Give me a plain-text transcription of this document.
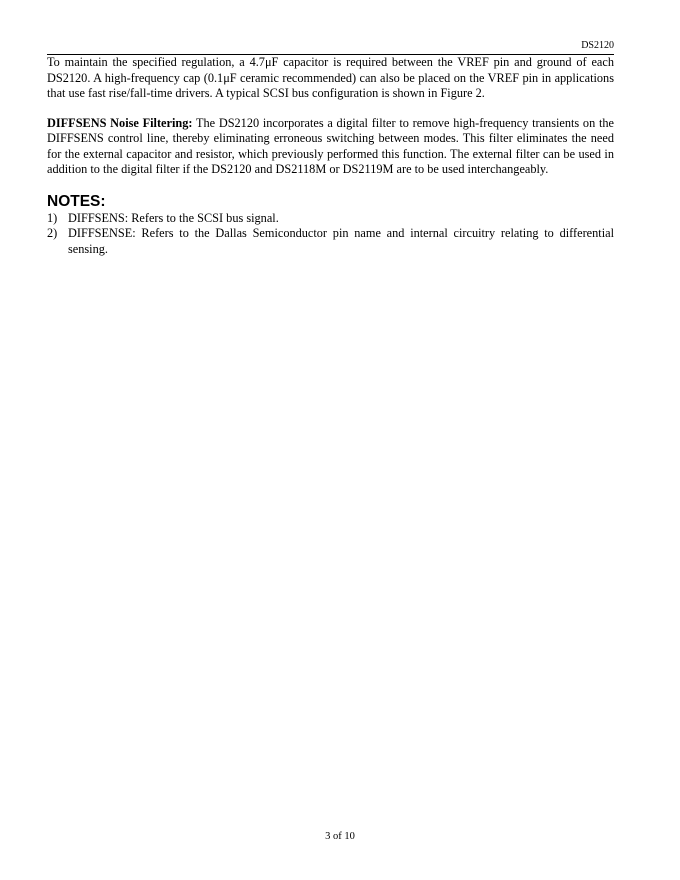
DS2120

To maintain the specified regulation, a 4.7μF capacitor is required between the VREF pin and ground of each DS2120. A high-frequency cap (0.1μF ceramic recommended) can also be placed on the VREF pin in applications that use fast rise/fall-time drivers. A typical SCSI bus configuration is shown in Figure 2.

DIFFSENS Noise Filtering: The DS2120 incorporates a digital filter to remove high-frequency transients on the DIFFSENS control line, thereby eliminating erroneous switching between modes. This filter eliminates the need for the external capacitor and resistor, which previously performed this function. The external filter can be used in addition to the digital filter if the DS2120 and DS2118M or DS2119M are to be used interchangeably.

NOTES:
1) DIFFSENS: Refers to the SCSI bus signal.
2) DIFFSENSE: Refers to the Dallas Semiconductor pin name and internal circuitry relating to differential sensing.
3 of 10
